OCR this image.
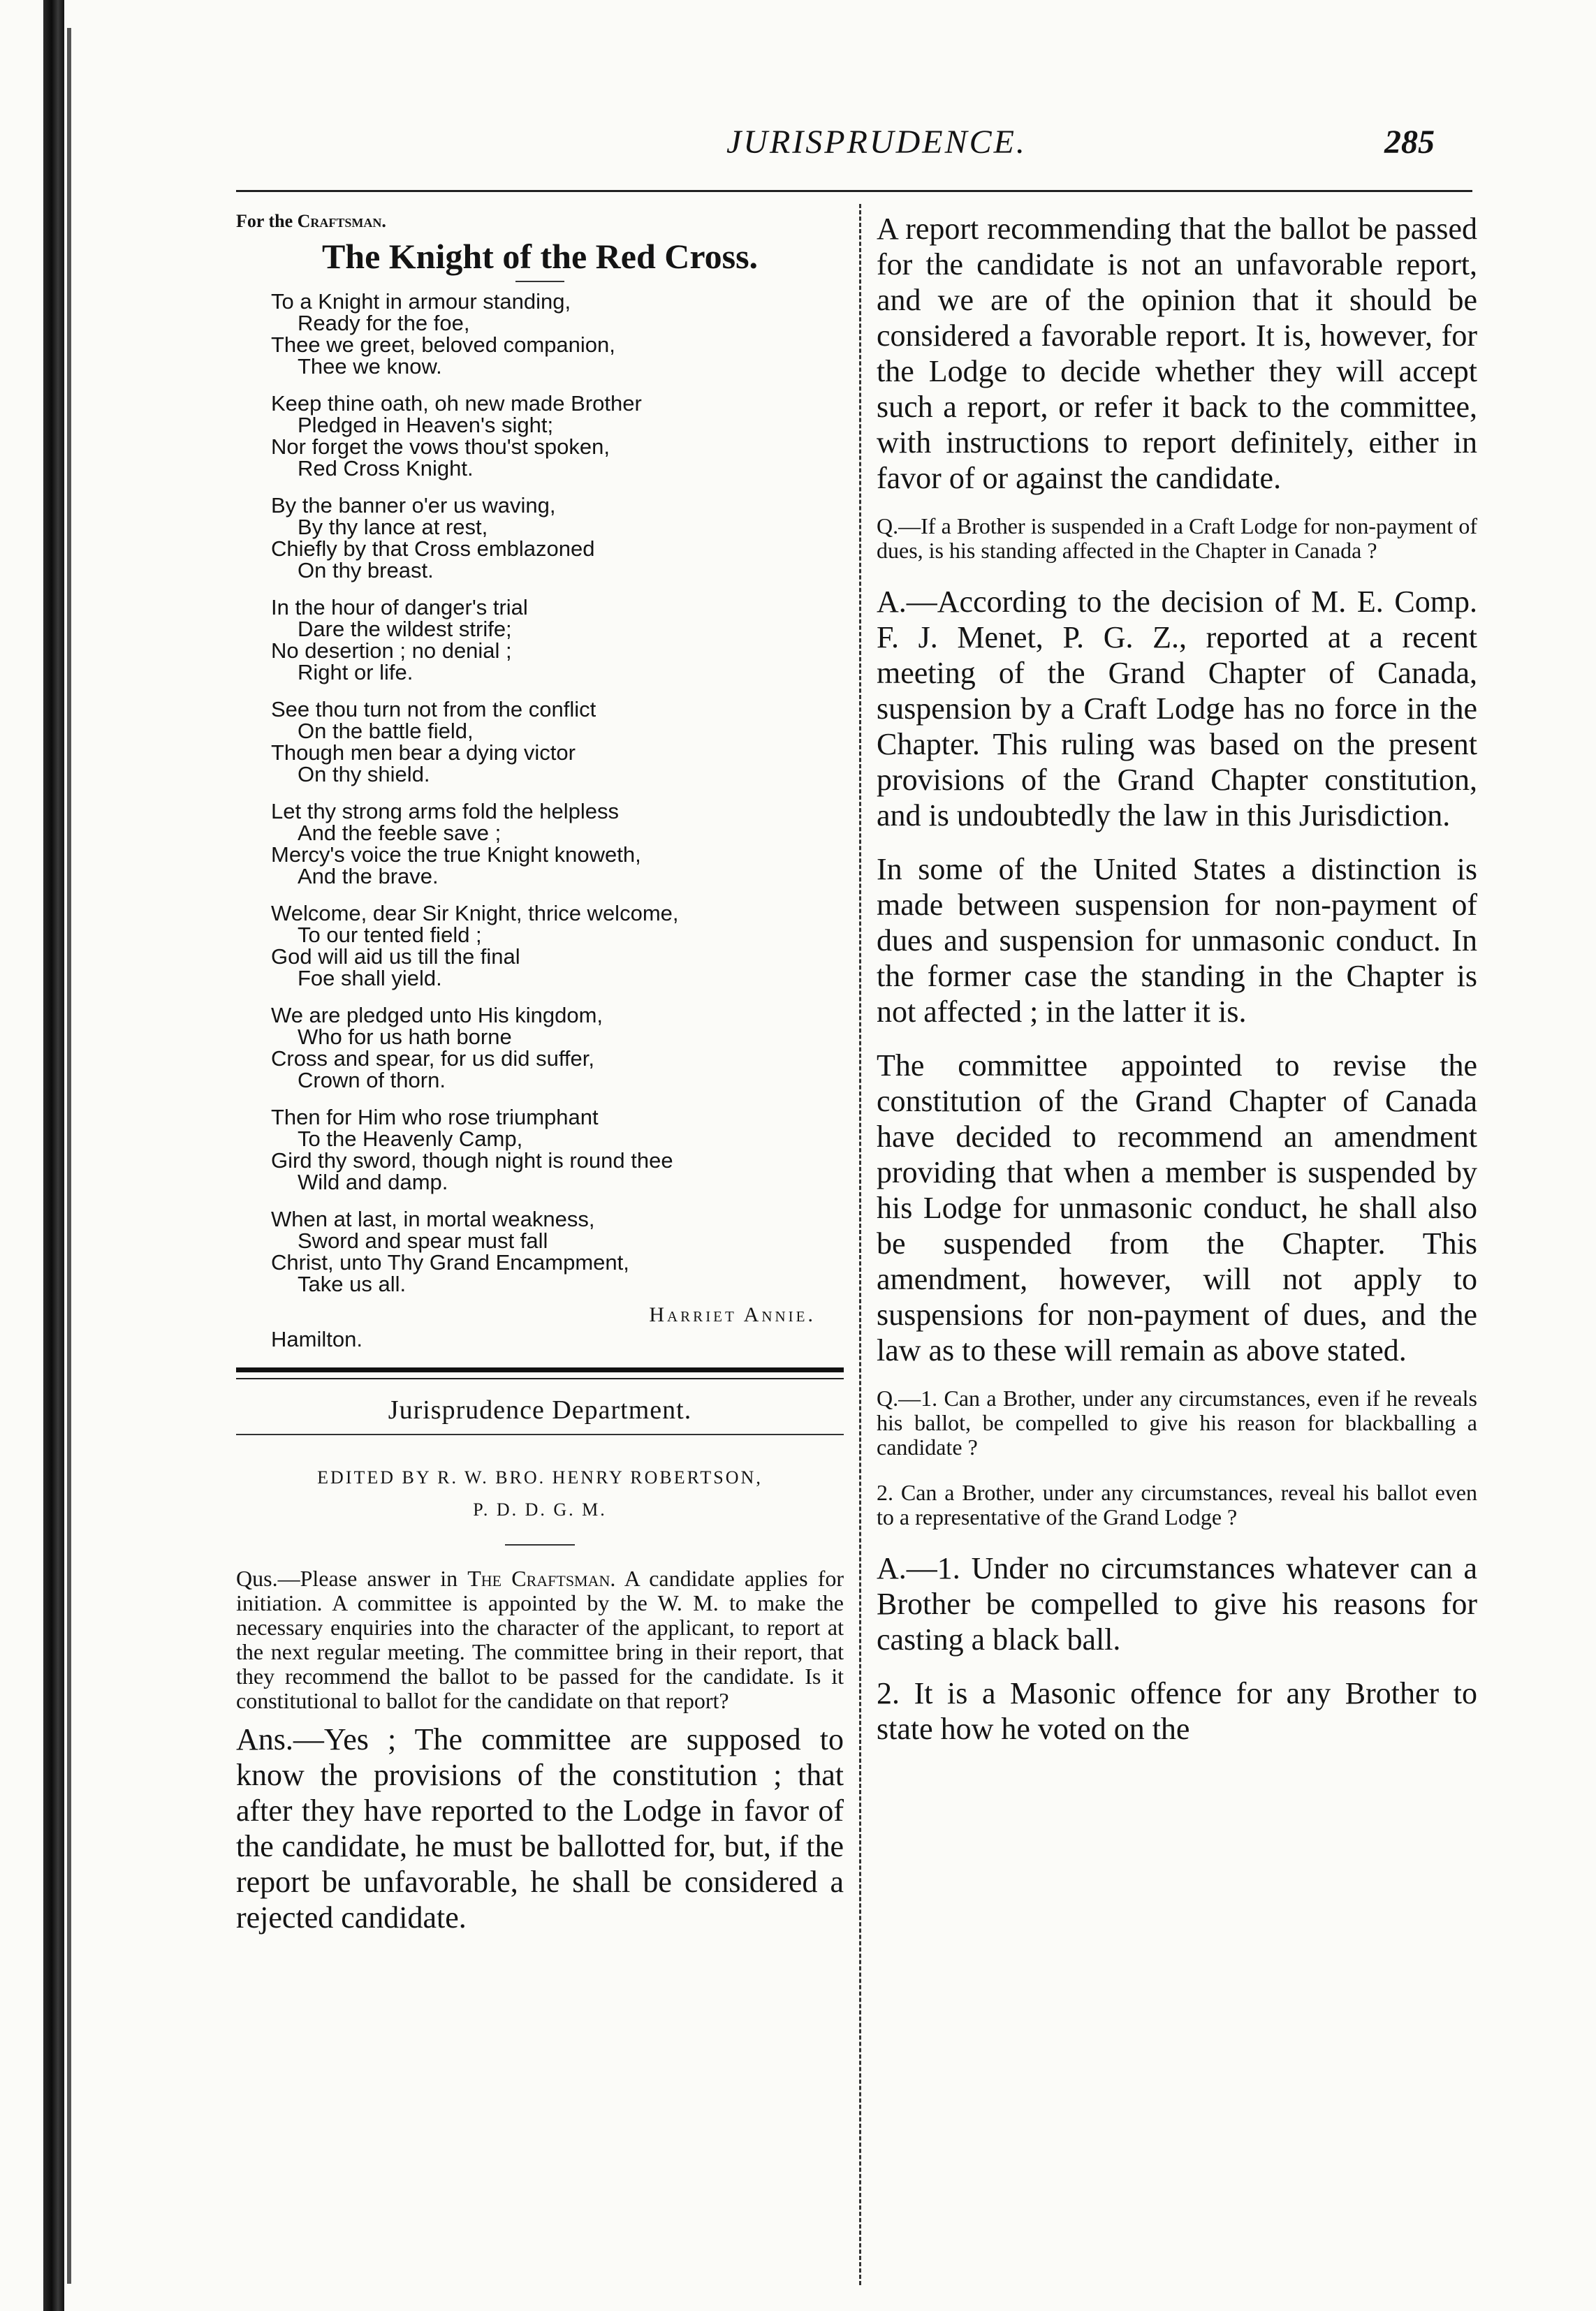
JURISPRUDENCE.	285

For the Craftsman.

The Knight of the Red Cross.
To a Knight in armour standing,
Ready for the foe,
Thee we greet, beloved companion,
Thee we know.
Keep thine oath, oh new made Brother
Pledged in Heaven's sight;
Nor forget the vows thou'st spoken,
Red Cross Knight.
By the banner o'er us waving,
By thy lance at rest,
Chiefly by that Cross emblazoned
On thy breast.
In the hour of danger's trial
Dare the wildest strife;
No desertion ; no denial ;
Right or life.
See thou turn not from the conflict
On the battle field,
Though men bear a dying victor
On thy shield.
Let thy strong arms fold the helpless
And the feeble save ;
Mercy's voice the true Knight knoweth,
And the brave.
Welcome, dear Sir Knight, thrice welcome,
To our tented field ;
God will aid us till the final
Foe shall yield.
We are pledged unto His kingdom,
Who for us hath borne
Cross and spear, for us did suffer,
Crown of thorn.
Then for Him who rose triumphant
To the Heavenly Camp,
Gird thy sword, though night is round thee
Wild and damp.
When at last, in mortal weakness,
Sword and spear must fall
Christ, unto Thy Grand Encampment,
Take us all.
Harriet Annie.
Hamilton.
Jurisprudence Department.

EDITED BY R. W. BRO. HENRY ROBERTSON,

P. D. D. G. M.

Qus.—Please answer in The Craftsman. A candidate applies for initiation. A committee is appointed by the W. M. to make the necessary enquiries into the character of the applicant, to report at the next regular meeting. The committee bring in their report, that they recommend the ballot to be passed for the candidate. Is it constitutional to ballot for the candidate on that report?

Ans.—Yes ; The committee are supposed to know the provisions of the constitution ; that after they have reported to the Lodge in favor of the candidate, he must be ballotted for, but, if the report be unfavorable, he shall be considered a rejected candidate.

A report recommending that the ballot be passed for the candidate is not an unfavorable report, and we are of the opinion that it should be considered a favorable report. It is, however, for the Lodge to decide whether they will accept such a report, or refer it back to the committee, with instructions to report definitely, either in favor of or against the candidate.

Q.—If a Brother is suspended in a Craft Lodge for non-payment of dues, is his standing affected in the Chapter in Canada ?

A.—According to the decision of M. E. Comp. F. J. Menet, P. G. Z., reported at a recent meeting of the Grand Chapter of Canada, suspension by a Craft Lodge has no force in the Chapter. This ruling was based on the present provisions of the Grand Chapter constitution, and is undoubtedly the law in this Jurisdiction.

In some of the United States a distinction is made between suspension for non-payment of dues and suspension for unmasonic conduct. In the former case the standing in the Chapter is not affected ; in the latter it is.

The committee appointed to revise the constitution of the Grand Chapter of Canada have decided to recommend an amendment providing that when a member is suspended by his Lodge for unmasonic conduct, he shall also be suspended from the Chapter. This amendment, however, will not apply to suspensions for non-payment of dues, and the law as to these will remain as above stated.

Q.—1. Can a Brother, under any circumstances, even if he reveals his ballot, be compelled to give his reason for blackballing a candidate ?

2. Can a Brother, under any circumstances, reveal his ballot even to a representative of the Grand Lodge ?

A.—1. Under no circumstances whatever can a Brother be compelled to give his reasons for casting a black ball.

2. It is a Masonic offence for any Brother to state how he voted on the
